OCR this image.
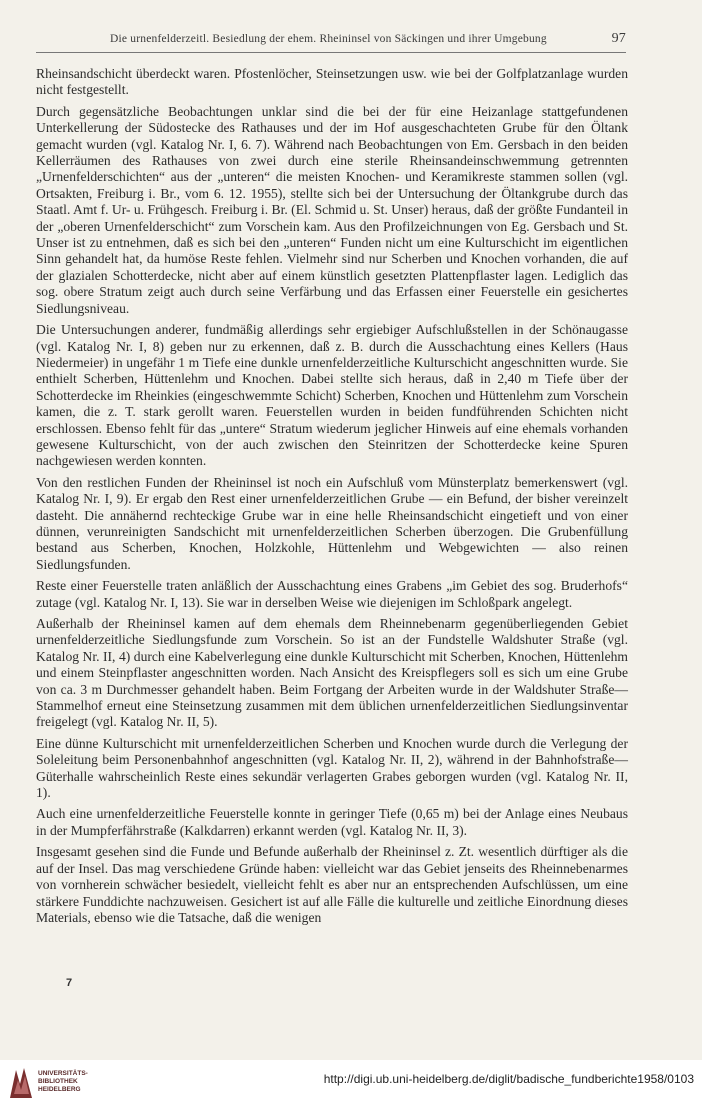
Die urnenfelderzeitl. Besiedlung der ehem. Rheininsel von Säckingen und ihrer Umgebung	97

Rheinsandschicht überdeckt waren. Pfostenlöcher, Steinsetzungen usw. wie bei der Golfplatzanlage wurden nicht festgestellt.

Durch gegensätzliche Beobachtungen unklar sind die bei der für eine Heizanlage stattgefundenen Unterkellerung der Südostecke des Rathauses und der im Hof ausgeschachteten Grube für den Öltank gemacht wurden (vgl. Katalog Nr. I, 6. 7). Während nach Beobachtungen von Em. Gersbach in den beiden Kellerräumen des Rathauses von zwei durch eine sterile Rheinsandeinschwemmung getrennten „Urnenfelderschichten“ aus der „unteren“ die meisten Knochen- und Keramikreste stammen sollen (vgl. Ortsakten, Freiburg i. Br., vom 6. 12. 1955), stellte sich bei der Untersuchung der Öltankgrube durch das Staatl. Amt f. Ur- u. Frühgesch. Freiburg i. Br. (El. Schmid u. St. Unser) heraus, daß der größte Fundanteil in der „oberen Urnenfelderschicht“ zum Vorschein kam. Aus den Profilzeichnungen von Eg. Gersbach und St. Unser ist zu entnehmen, daß es sich bei den „unteren“ Funden nicht um eine Kulturschicht im eigentlichen Sinn gehandelt hat, da humöse Reste fehlen. Vielmehr sind nur Scherben und Knochen vorhanden, die auf der glazialen Schotterdecke, nicht aber auf einem künstlich gesetzten Plattenpflaster lagen. Lediglich das sog. obere Stratum zeigt auch durch seine Verfärbung und das Erfassen einer Feuerstelle ein gesichertes Siedlungsniveau.

Die Untersuchungen anderer, fundmäßig allerdings sehr ergiebiger Aufschlußstellen in der Schönaugasse (vgl. Katalog Nr. I, 8) geben nur zu erkennen, daß z. B. durch die Ausschachtung eines Kellers (Haus Niedermeier) in ungefähr 1 m Tiefe eine dunkle urnenfelderzeitliche Kulturschicht angeschnitten wurde. Sie enthielt Scherben, Hüttenlehm und Knochen. Dabei stellte sich heraus, daß in 2,40 m Tiefe über der Schotterdecke im Rheinkies (eingeschwemmte Schicht) Scherben, Knochen und Hüttenlehm zum Vorschein kamen, die z. T. stark gerollt waren. Feuerstellen wurden in beiden fundführenden Schichten nicht erschlossen. Ebenso fehlt für das „untere“ Stratum wiederum jeglicher Hinweis auf eine ehemals vorhanden gewesene Kulturschicht, von der auch zwischen den Steinritzen der Schotterdecke keine Spuren nachgewiesen werden konnten.

Von den restlichen Funden der Rheininsel ist noch ein Aufschluß vom Münsterplatz bemerkenswert (vgl. Katalog Nr. I, 9). Er ergab den Rest einer urnenfelderzeitlichen Grube — ein Befund, der bisher vereinzelt dasteht. Die annähernd rechteckige Grube war in eine helle Rheinsandschicht eingetieft und von einer dünnen, verunreinigten Sandschicht mit urnenfelderzeitlichen Scherben überzogen. Die Grubenfüllung bestand aus Scherben, Knochen, Holzkohle, Hüttenlehm und Webgewichten — also reinen Siedlungsfunden.

Reste einer Feuerstelle traten anläßlich der Ausschachtung eines Grabens „im Gebiet des sog. Bruderhofs“ zutage (vgl. Katalog Nr. I, 13). Sie war in derselben Weise wie diejenigen im Schloßpark angelegt.

Außerhalb der Rheininsel kamen auf dem ehemals dem Rheinnebenarm gegenüberliegenden Gebiet urnenfelderzeitliche Siedlungsfunde zum Vorschein. So ist an der Fundstelle Waldshuter Straße (vgl. Katalog Nr. II, 4) durch eine Kabelverlegung eine dunkle Kulturschicht mit Scherben, Knochen, Hüttenlehm und einem Steinpflaster angeschnitten worden. Nach Ansicht des Kreispflegers soll es sich um eine Grube von ca. 3 m Durchmesser gehandelt haben. Beim Fortgang der Arbeiten wurde in der Waldshuter Straße—Stammelhof erneut eine Steinsetzung zusammen mit dem üblichen urnenfelderzeitlichen Siedlungsinventar freigelegt (vgl. Katalog Nr. II, 5).

Eine dünne Kulturschicht mit urnenfelderzeitlichen Scherben und Knochen wurde durch die Verlegung der Soleleitung beim Personenbahnhof angeschnitten (vgl. Katalog Nr. II, 2), während in der Bahnhofstraße—Güterhalle wahrscheinlich Reste eines sekundär verlagerten Grabes geborgen wurden (vgl. Katalog Nr. II, 1).

Auch eine urnenfelderzeitliche Feuerstelle konnte in geringer Tiefe (0,65 m) bei der Anlage eines Neubaus in der Mumpferfährstraße (Kalkdarren) erkannt werden (vgl. Katalog Nr. II, 3).

Insgesamt gesehen sind die Funde und Befunde außerhalb der Rheininsel z. Zt. wesentlich dürftiger als die auf der Insel. Das mag verschiedene Gründe haben: vielleicht war das Gebiet jenseits des Rheinnebenarmes von vornherein schwächer besiedelt, vielleicht fehlt es aber nur an entsprechenden Aufschlüssen, um eine stärkere Funddichte nachzuweisen. Gesichert ist auf alle Fälle die kulturelle und zeitliche Einordnung dieses Materials, ebenso wie die Tatsache, daß die wenigen

7
UNIVERSITÄTS-
BIBLIOTHEK
HEIDELBERG
http://digi.ub.uni-heidelberg.de/diglit/badische_fundberichte1958/0103
